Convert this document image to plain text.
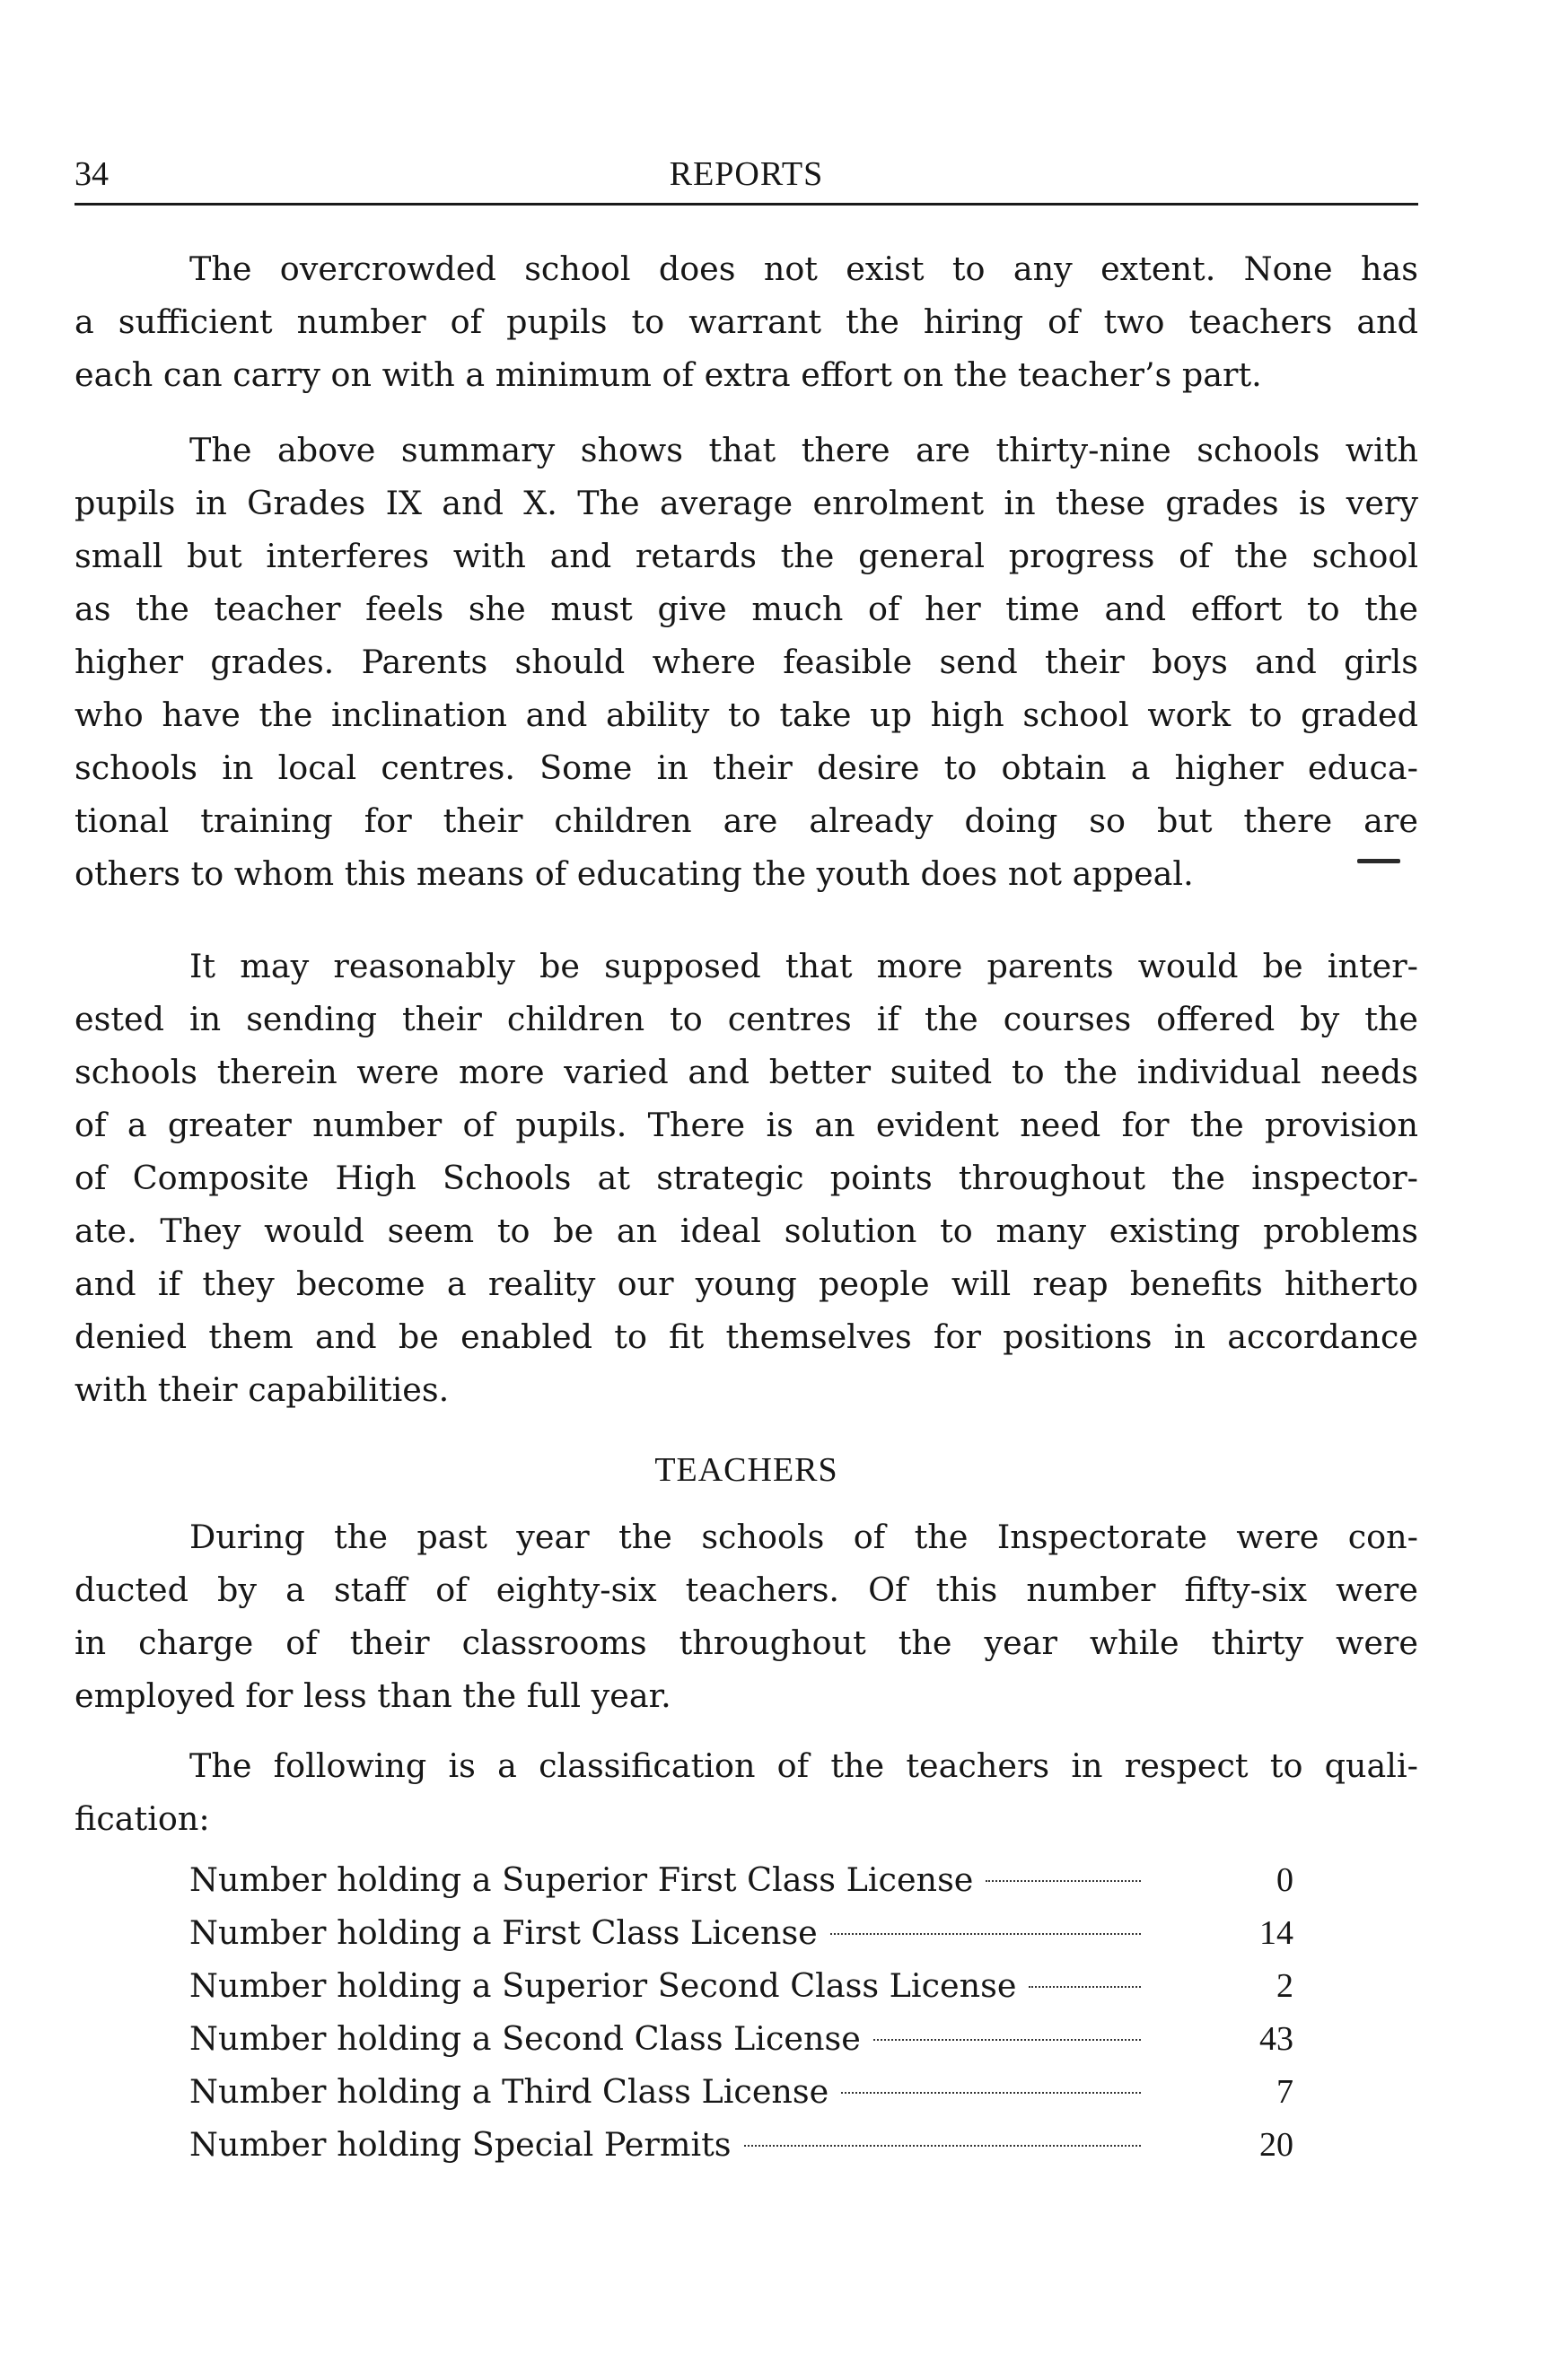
34	REPORTS

The overcrowded school does not exist to any extent. None has
a sufficient number of pupils to warrant the hiring of two teachers and
each can carry on with a minimum of extra effort on the teacher’s part.

The above summary shows that there are thirty-nine schools with
pupils in Grades IX and X. The average enrolment in these grades is very
small but interferes with and retards the general progress of the school
as the teacher feels she must give much of her time and effort to the
higher grades. Parents should where feasible send their boys and girls
who have the inclination and ability to take up high school work to graded
schools in local centres. Some in their desire to obtain a higher educa-
tional training for their children are already doing so but there are
others to whom this means of educating the youth does not appeal.

It may reasonably be supposed that more parents would be inter-
ested in sending their children to centres if the courses offered by the
schools therein were more varied and better suited to the individual needs
of a greater number of pupils. There is an evident need for the provision
of Composite High Schools at strategic points throughout the inspector-
ate. They would seem to be an ideal solution to many existing problems
and if they become a reality our young people will reap benefits hitherto
denied them and be enabled to fit themselves for positions in accordance
with their capabilities.

TEACHERS

During the past year the schools of the Inspectorate were con-
ducted by a staff of eighty-six teachers. Of this number fifty-six were
in charge of their classrooms throughout the year while thirty were
employed for less than the full year.

The following is a classification of the teachers in respect to quali-
fication:

Number holding a Superior First Class License	0
Number holding a First Class License	14
Number holding a Superior Second Class License	2
Number holding a Second Class License	43
Number holding a Third Class License	7
Number holding Special Permits	20
